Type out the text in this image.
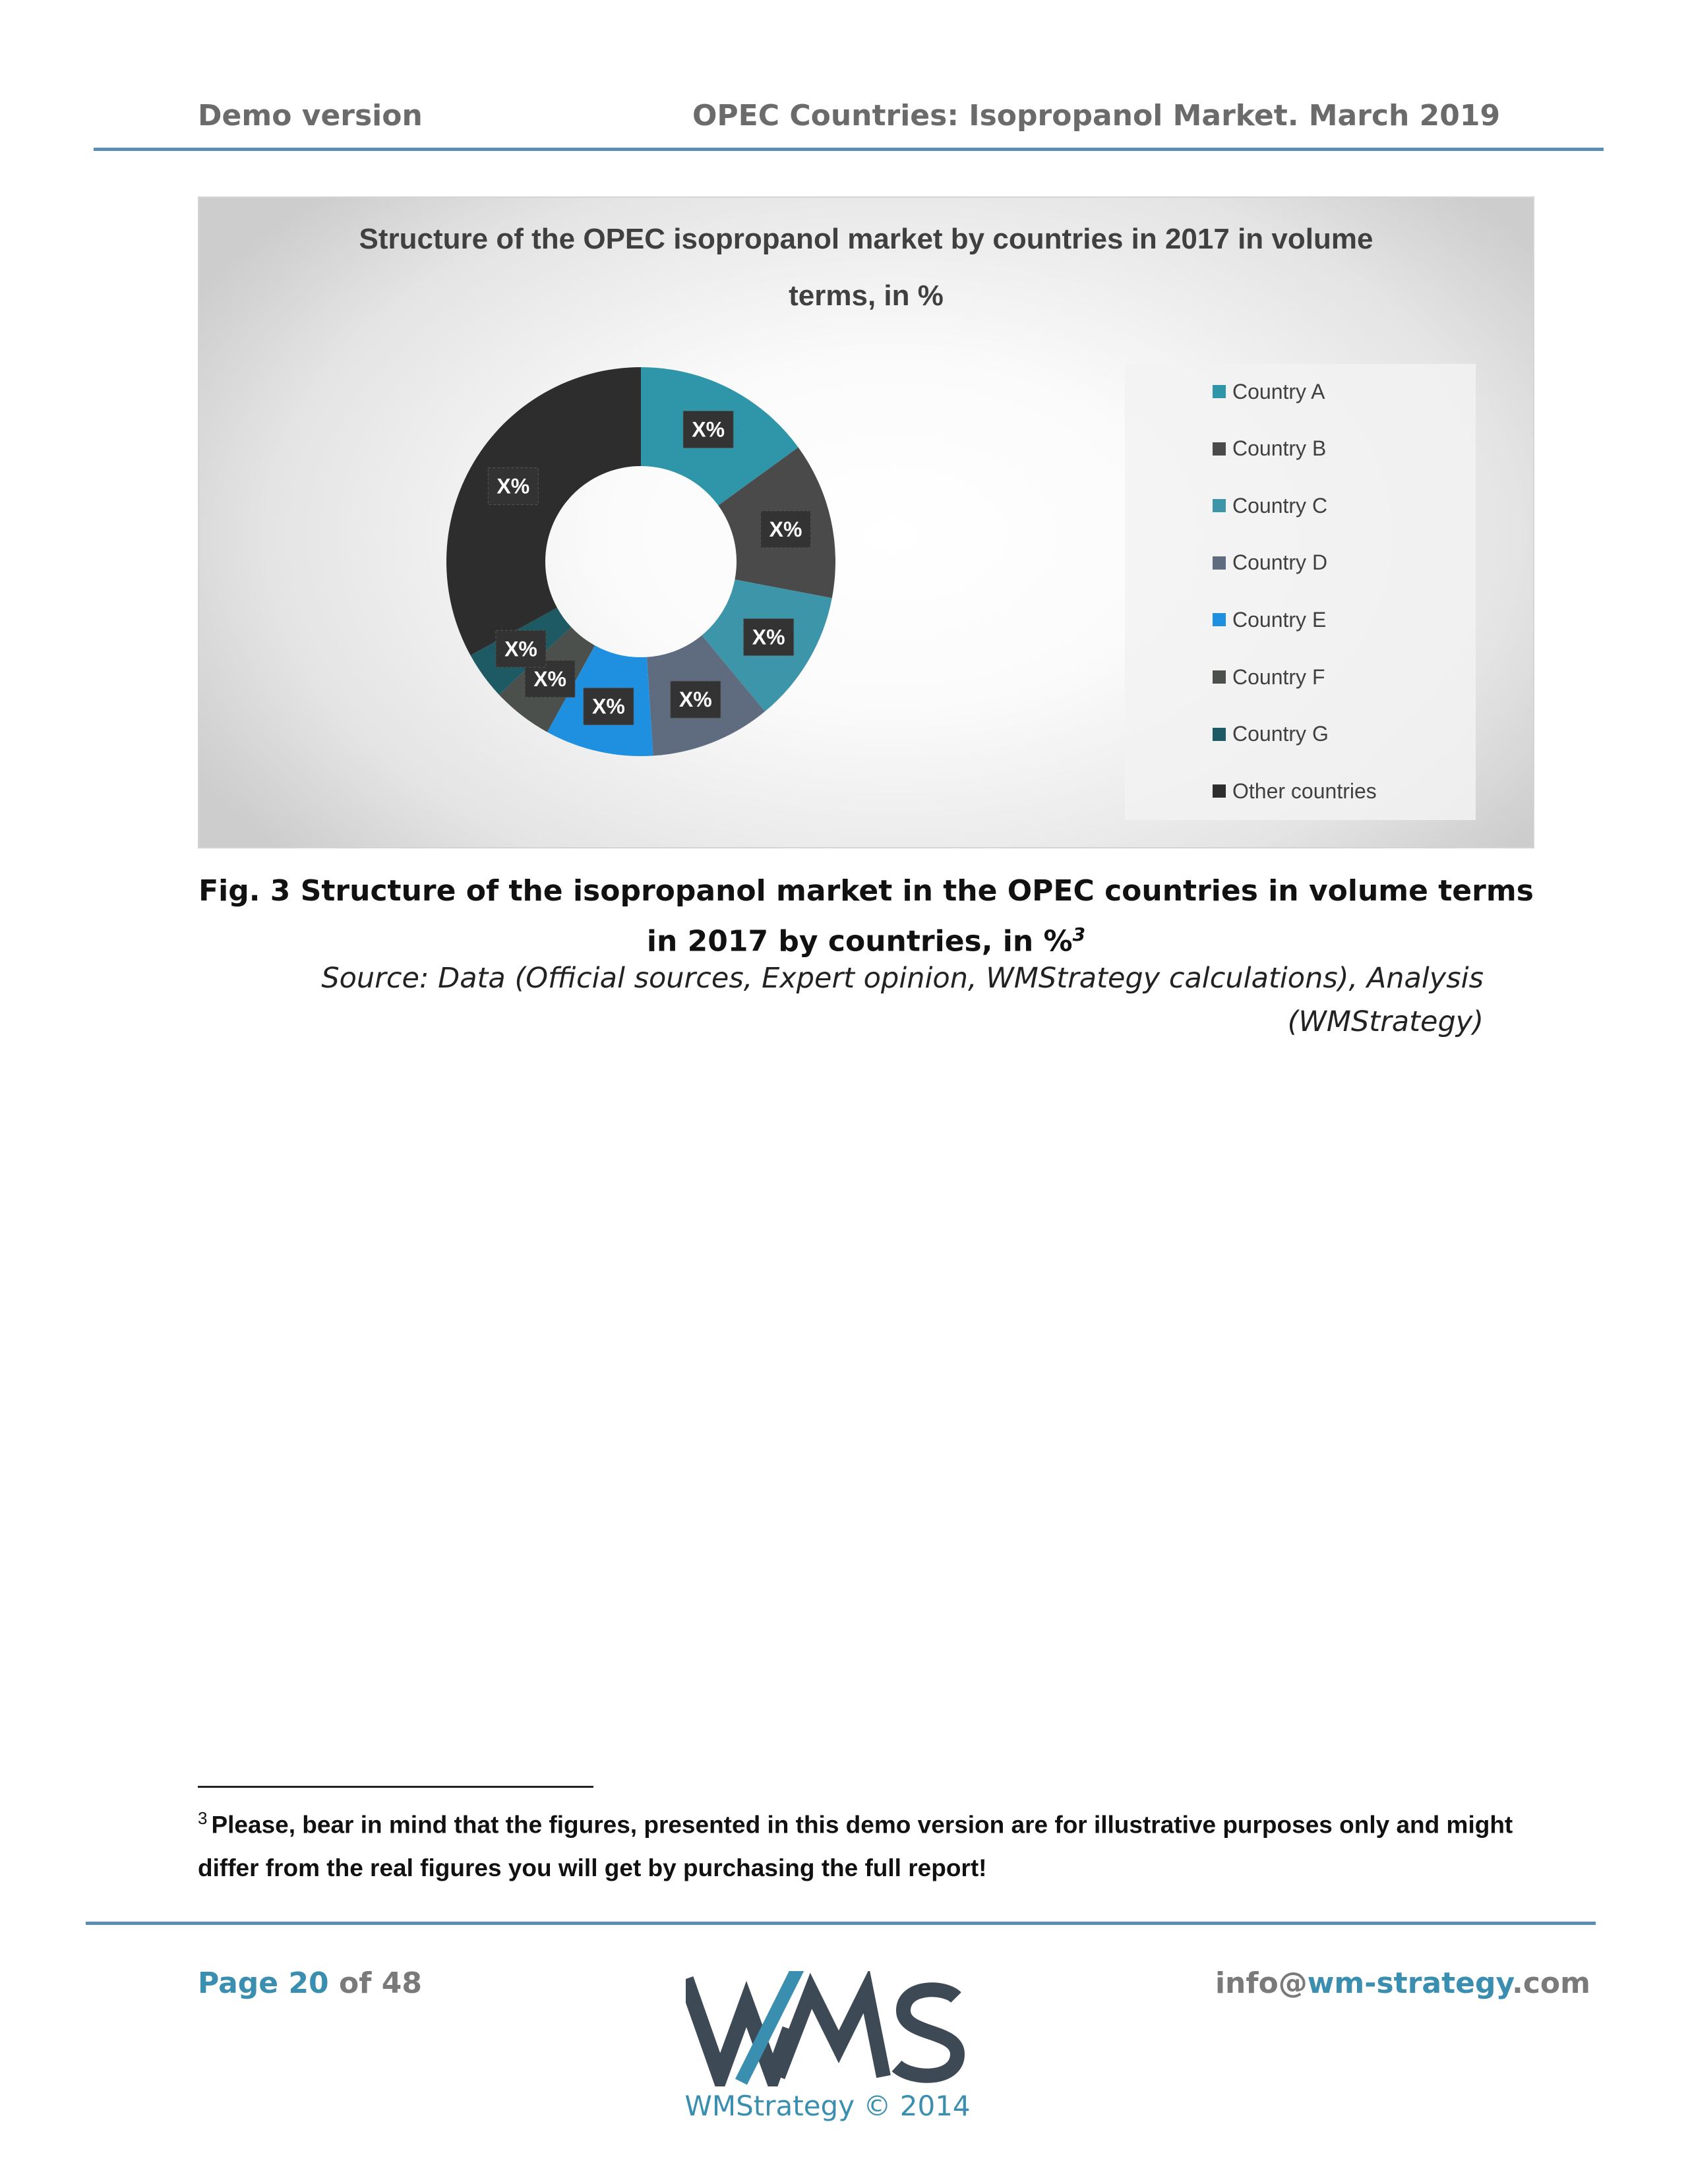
Demo version	OPEC Countries: Isopropanol Market. March 2019
Structure of the OPEC isopropanol market by countries in 2017 in volume
terms, in %
X%
X%
X%
X%
X%
X%
X%
X%
Country A
Country B
Country C
Country D
Country E
Country F
Country G
Other countries
Fig. 3 Structure of the isopropanol market in the OPEC countries in volume terms
in 2017 by countries, in %$^3$
Source: Data (Official sources, Expert opinion, WMStrategy calculations), Analysis
(WMStrategy)
$^3$ Please, bear in mind that the figures, presented in this demo version are for illustrative purposes only and might differ from the real figures you will get by purchasing the full report!
Page 20 of 48	info@wm-strategy.com
WMS
WMStrategy © 2014
